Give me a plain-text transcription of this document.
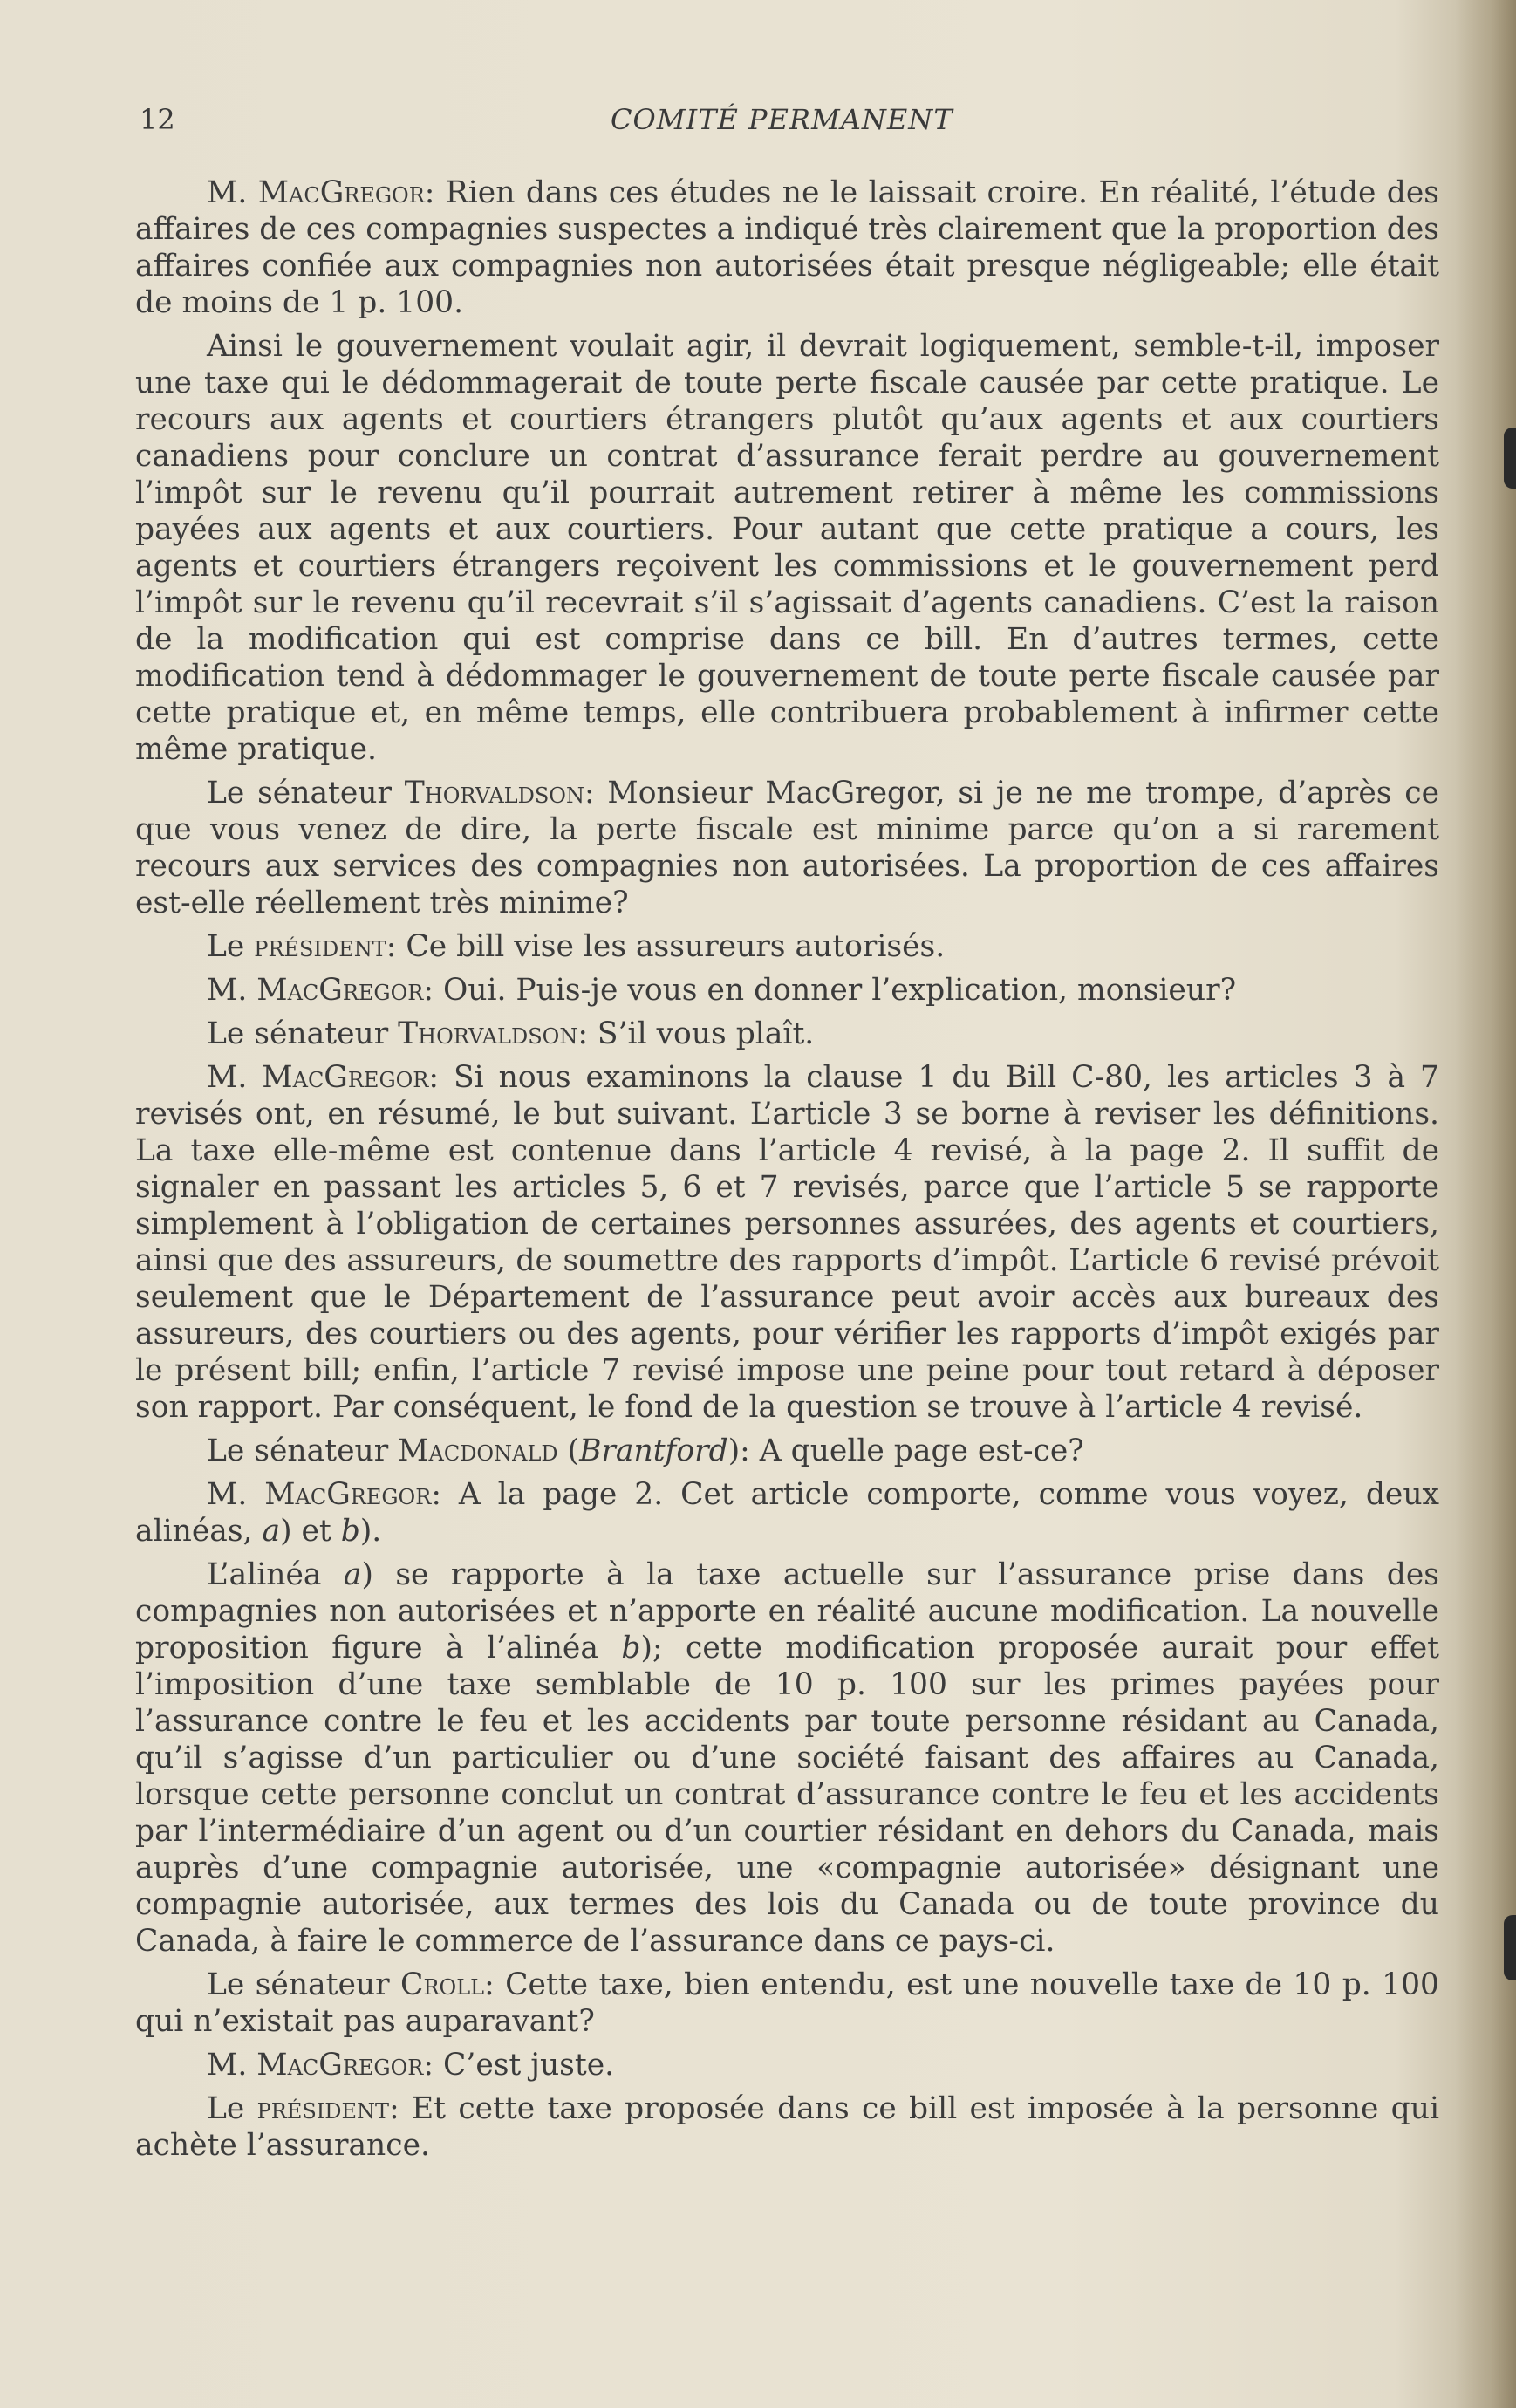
12	COMITÉ PERMANENT

M. MacGregor: Rien dans ces études ne le laissait croire. En réalité, l’étude des affaires de ces compagnies suspectes a indiqué très clairement que la proportion des affaires confiée aux compagnies non autorisées était presque négligeable; elle était de moins de 1 p. 100.

Ainsi le gouvernement voulait agir, il devrait logiquement, semble-t-il, imposer une taxe qui le dédommagerait de toute perte fiscale causée par cette pratique. Le recours aux agents et courtiers étrangers plutôt qu’aux agents et aux courtiers canadiens pour conclure un contrat d’assurance ferait perdre au gouvernement l’impôt sur le revenu qu’il pourrait autrement retirer à même les commissions payées aux agents et aux courtiers. Pour autant que cette pratique a cours, les agents et courtiers étrangers reçoivent les commissions et le gouvernement perd l’impôt sur le revenu qu’il recevrait s’il s’agissait d’agents canadiens. C’est la raison de la modification qui est comprise dans ce bill. En d’autres termes, cette modification tend à dédommager le gouvernement de toute perte fiscale causée par cette pratique et, en même temps, elle contribuera probablement à infirmer cette même pratique.

Le sénateur Thorvaldson: Monsieur MacGregor, si je ne me trompe, d’après ce que vous venez de dire, la perte fiscale est minime parce qu’on a si rarement recours aux services des compagnies non autorisées. La proportion de ces affaires est-elle réellement très minime?

Le président: Ce bill vise les assureurs autorisés.

M. MacGregor: Oui. Puis-je vous en donner l’explication, monsieur?

Le sénateur Thorvaldson: S’il vous plaît.

M. MacGregor: Si nous examinons la clause 1 du Bill C-80, les articles 3 à 7 revisés ont, en résumé, le but suivant. L’article 3 se borne à reviser les définitions. La taxe elle-même est contenue dans l’article 4 revisé, à la page 2. Il suffit de signaler en passant les articles 5, 6 et 7 revisés, parce que l’article 5 se rapporte simplement à l’obligation de certaines personnes assurées, des agents et courtiers, ainsi que des assureurs, de soumettre des rapports d’impôt. L’article 6 revisé prévoit seulement que le Département de l’assurance peut avoir accès aux bureaux des assureurs, des courtiers ou des agents, pour vérifier les rapports d’impôt exigés par le présent bill; enfin, l’article 7 revisé impose une peine pour tout retard à déposer son rapport. Par conséquent, le fond de la question se trouve à l’article 4 revisé.

Le sénateur Macdonald (Brantford): A quelle page est-ce?

M. MacGregor: A la page 2. Cet article comporte, comme vous voyez, deux alinéas, a) et b).

L’alinéa a) se rapporte à la taxe actuelle sur l’assurance prise dans des compagnies non autorisées et n’apporte en réalité aucune modification. La nouvelle proposition figure à l’alinéa b); cette modification proposée aurait pour effet l’imposition d’une taxe semblable de 10 p. 100 sur les primes payées pour l’assurance contre le feu et les accidents par toute personne résidant au Canada, qu’il s’agisse d’un particulier ou d’une société faisant des affaires au Canada, lorsque cette personne conclut un contrat d’assurance contre le feu et les accidents par l’intermédiaire d’un agent ou d’un courtier résidant en dehors du Canada, mais auprès d’une compagnie autorisée, une «compagnie autorisée» désignant une compagnie autorisée, aux termes des lois du Canada ou de toute province du Canada, à faire le commerce de l’assurance dans ce pays-ci.

Le sénateur Croll: Cette taxe, bien entendu, est une nouvelle taxe de 10 p. 100 qui n’existait pas auparavant?

M. MacGregor: C’est juste.

Le président: Et cette taxe proposée dans ce bill est imposée à la personne qui achète l’assurance.
